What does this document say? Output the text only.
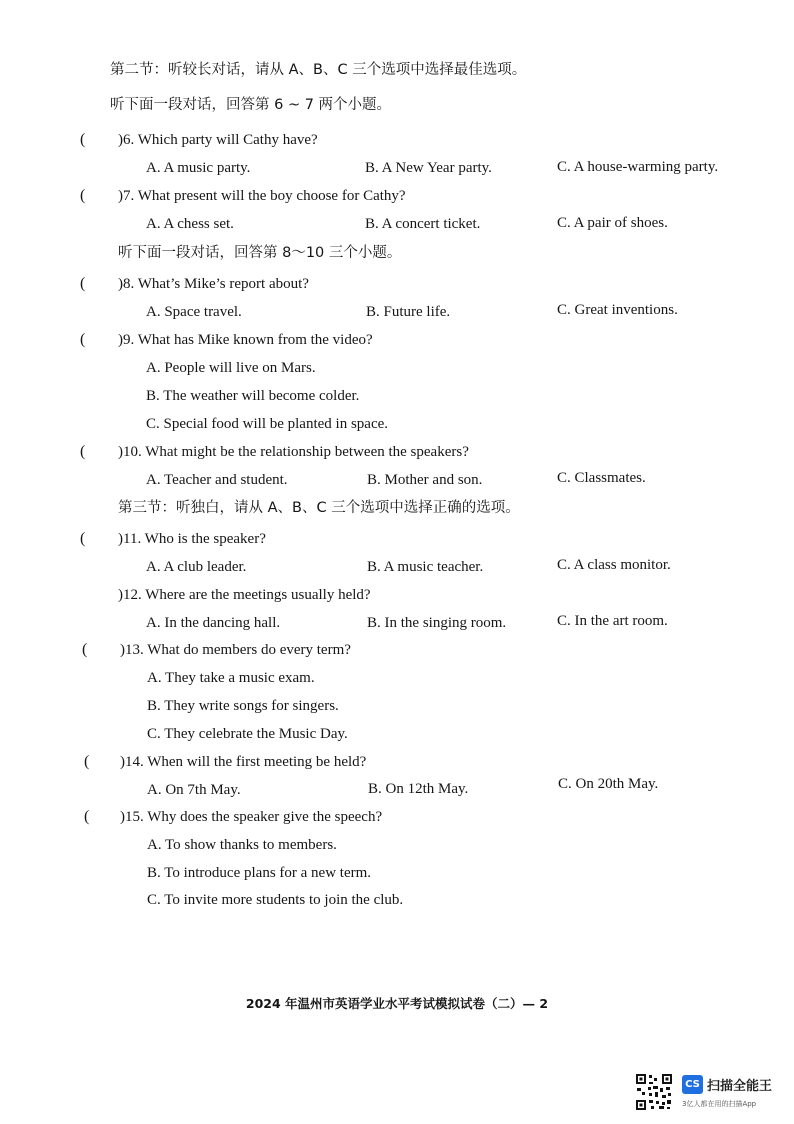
第二节：听较长对话，请从 A、B、C 三个选项中选择最佳选项。
听下面一段对话，回答第 6 ~ 7 两个小题。
( )6. Which party will Cathy have?
A. A music party.	B. A New Year party.	C. A house-warming party.
( )7. What present will the boy choose for Cathy?
A. A chess set.	B. A concert ticket.	C. A pair of shoes.
听下面一段对话，回答第 8～10 三个小题。
( )8. What’s Mike’s report about?
A. Space travel.	B. Future life.	C. Great inventions.
( )9. What has Mike known from the video?
A. People will live on Mars.
B. The weather will become colder.
C. Special food will be planted in space.
( )10. What might be the relationship between the speakers?
A. Teacher and student.	B. Mother and son.	C. Classmates.
第三节：听独白，请从 A、B、C 三个选项中选择正确的选项。
( )11. Who is the speaker?
A. A club leader.	B. A music teacher.	C. A class monitor.
)12. Where are the meetings usually held?
A. In the dancing hall.	B. In the singing room.	C. In the art room.
( )13. What do members do every term?
A. They take a music exam.
B. They write songs for singers.
C. They celebrate the Music Day.
( )14. When will the first meeting be held?
A. On 7th May.	B. On 12th May.	C. On 20th May.
( )15. Why does the speaker give the speech?
A. To show thanks to members.
B. To introduce plans for a new term.
C. To invite more students to join the club.
2024 年温州市英语学业水平考试模拟试卷（二）— 2
CS 扫描全能王
3亿人都在用的扫描App
